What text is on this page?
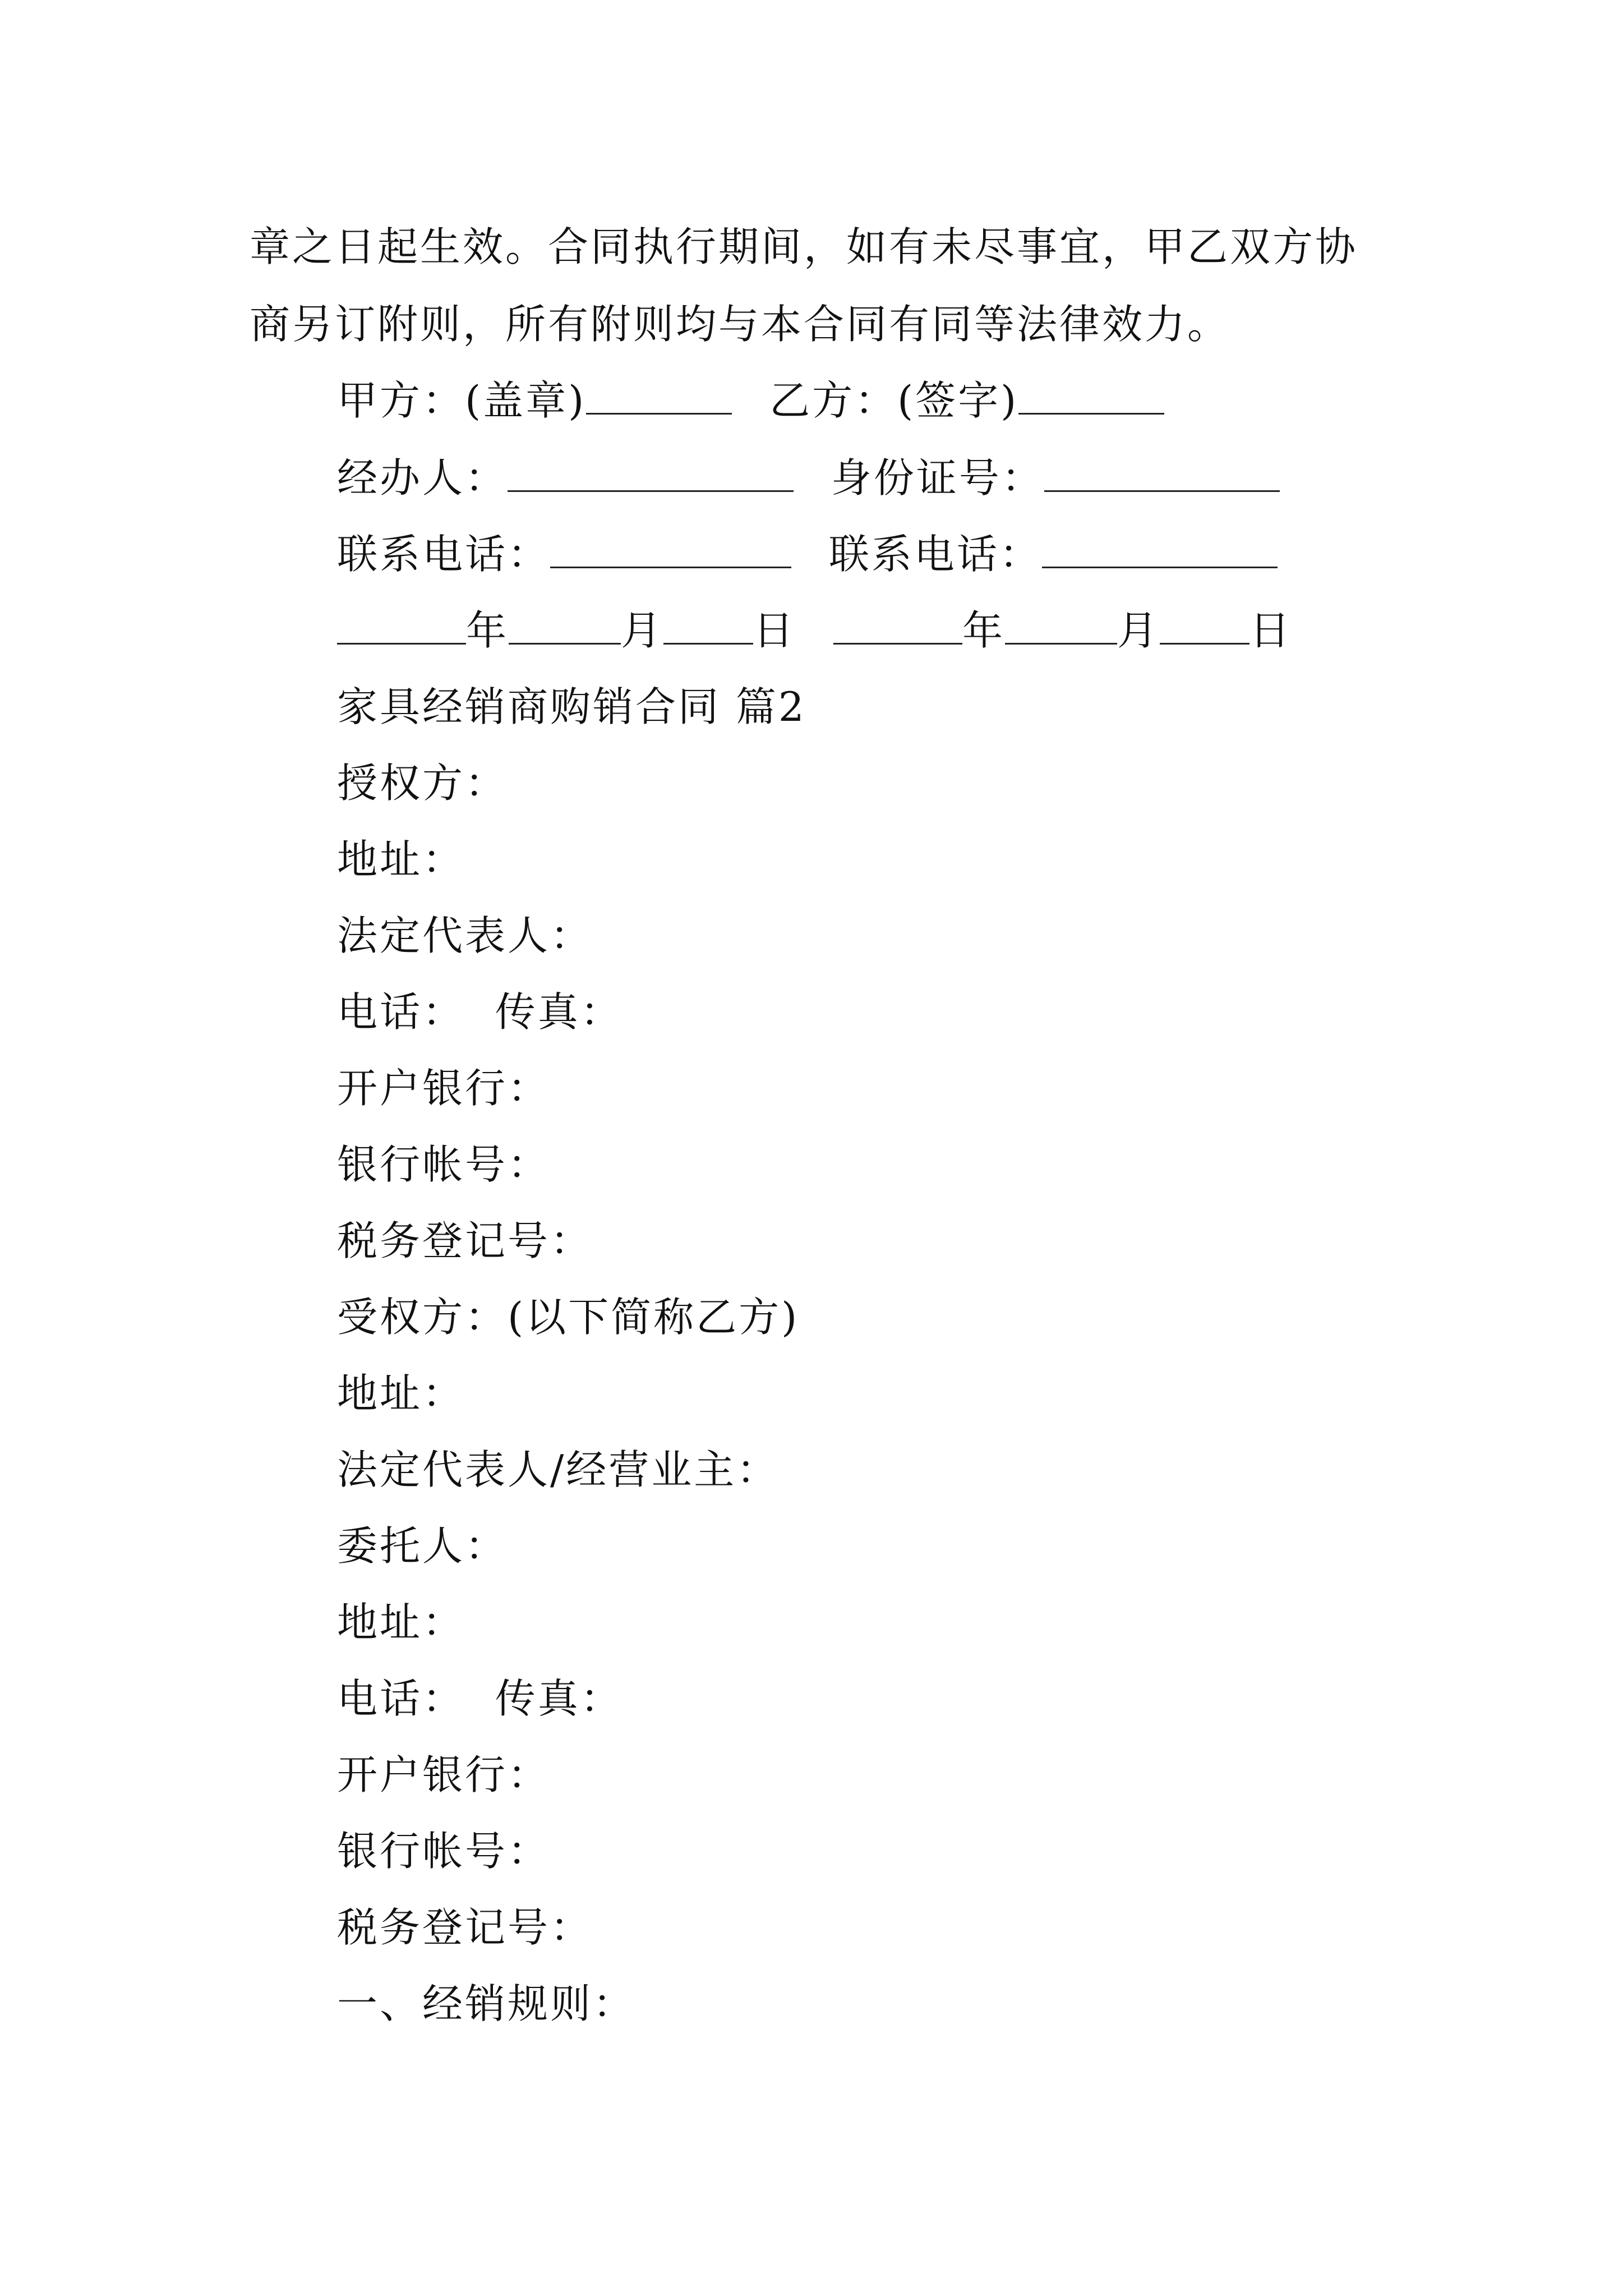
章之日起生效。合同执行期间，如有未尽事宜，甲乙双方协
商另订附则，所有附则均与本合同有同等法律效力。
甲方：(盖章)	乙方：(签字)
经办人：	身份证号：
联系电话：	联系电话：
年	月 日	年	月 日
家具经销商购销合同 篇2
授权方：
地址：
法定代表人：
电话：  传真：
开户银行：
银行帐号：
税务登记号：
受权方：(以下简称乙方)
地址：
法定代表人/经营业主：
委托人：
地址：
电话：  传真：
开户银行：
银行帐号：
税务登记号：
一、经销规则：
